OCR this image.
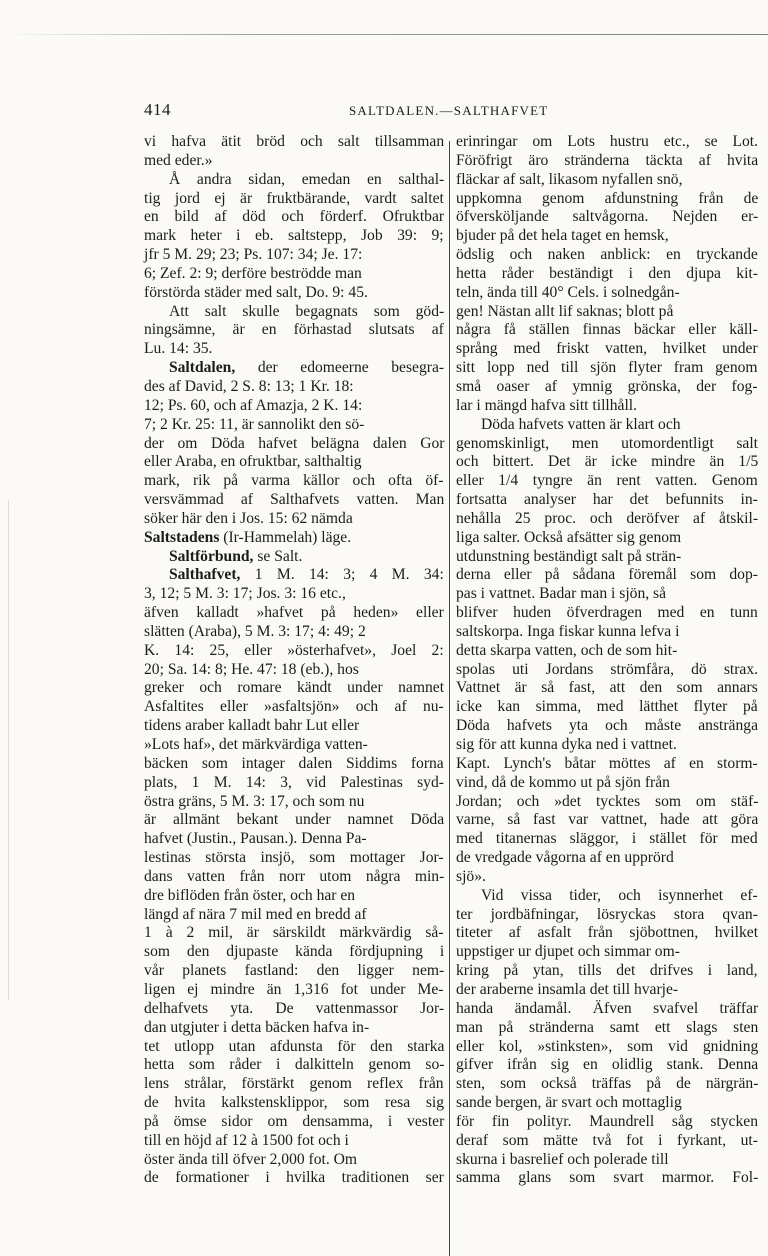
414	SALTDALEN.—SALTHAFVET
vi hafva ätit bröd och salt tillsamman
med eder.»
Å andra sidan, emedan en salthal-
tig jord ej är fruktbärande, vardt saltet
en bild af död och förderf. Ofruktbar
mark heter i eb. saltstepp, Job 39: 9;
jfr 5 M. 29; 23; Ps. 107: 34; Je. 17:
6; Zef. 2: 9; derföre beströdde man
förstörda städer med salt, Do. 9: 45.
Att salt skulle begagnats som göd-
ningsämne, är en förhastad slutsats af
Lu. 14: 35.
Saltdalen, der edomeerne besegra-
des af David, 2 S. 8: 13; 1 Kr. 18:
12; Ps. 60, och af Amazja, 2 K. 14:
7; 2 Kr. 25: 11, är sannolikt den sö-
der om Döda hafvet belägna dalen Gor
eller Araba, en ofruktbar, salthaltig
mark, rik på varma källor och ofta öf-
versvämmad af Salthafvets vatten. Man
söker här den i Jos. 15: 62 nämda
Saltstadens (Ir-Hammelah) läge.
Saltförbund, se Salt.
Salthafvet, 1 M. 14: 3; 4 M. 34:
3, 12; 5 M. 3: 17; Jos. 3: 16 etc.,
äfven kalladt »hafvet på heden» eller
slätten (Araba), 5 M. 3: 17; 4: 49; 2
K. 14: 25, eller »österhafvet», Joel 2:
20; Sa. 14: 8; He. 47: 18 (eb.), hos
greker och romare kändt under namnet
Asfaltites eller »asfaltsjön» och af nu-
tidens araber kalladt bahr Lut eller
»Lots haf», det märkvärdiga vatten-
bäcken som intager dalen Siddims forna
plats, 1 M. 14: 3, vid Palestinas syd-
östra gräns, 5 M. 3: 17, och som nu
är allmänt bekant under namnet Döda
hafvet (Justin., Pausan.). Denna Pa-
lestinas största insjö, som mottager Jor-
dans vatten från norr utom några min-
dre biflöden från öster, och har en
längd af nära 7 mil med en bredd af
1 à 2 mil, är särskildt märkvärdig så-
som den djupaste kända fördjupning i
vår planets fastland: den ligger nem-
ligen ej mindre än 1,316 fot under Me-
delhafvets yta. De vattenmassor Jor-
dan utgjuter i detta bäcken hafva in-
tet utlopp utan afdunsta för den starka
hetta som råder i dalkitteln genom so-
lens strålar, förstärkt genom reflex från
de hvita kalkstensklippor, som resa sig
på ömse sidor om densamma, i vester
till en höjd af 12 à 1500 fot och i
öster ända till öfver 2,000 fot. Om
de formationer i hvilka traditionen ser
erinringar om Lots hustru etc., se Lot.
Föröfrigt äro stränderna täckta af hvita
fläckar af salt, likasom nyfallen snö,
uppkomna genom afdunstning från de
öfversköljande saltvågorna. Nejden er-
bjuder på det hela taget en hemsk,
ödslig och naken anblick: en tryckande
hetta råder beständigt i den djupa kit-
teln, ända till 40° Cels. i solnedgån-
gen! Nästan allt lif saknas; blott på
några få ställen finnas bäckar eller käll-
språng med friskt vatten, hvilket under
sitt lopp ned till sjön flyter fram genom
små oaser af ymnig grönska, der fog-
lar i mängd hafva sitt tillhåll.
Döda hafvets vatten är klart och
genomskinligt, men utomordentligt salt
och bittert. Det är icke mindre än 1/5
eller 1/4 tyngre än rent vatten. Genom
fortsatta analyser har det befunnits in-
nehålla 25 proc. och deröfver af åtskil-
liga salter. Också afsätter sig genom
utdunstning beständigt salt på strän-
derna eller på sådana föremål som dop-
pas i vattnet. Badar man i sjön, så
blifver huden öfverdragen med en tunn
saltskorpa. Inga fiskar kunna lefva i
detta skarpa vatten, och de som hit-
spolas uti Jordans strömfåra, dö strax.
Vattnet är så fast, att den som annars
icke kan simma, med lätthet flyter på
Döda hafvets yta och måste anstränga
sig för att kunna dyka ned i vattnet.
Kapt. Lynch's båtar möttes af en storm-
vind, då de kommo ut på sjön från
Jordan; och »det tycktes som om stäf-
varne, så fast var vattnet, hade att göra
med titanernas släggor, i stället för med
de vredgade vågorna af en upprörd
sjö».
Vid vissa tider, och isynnerhet ef-
ter jordbäfningar, lösryckas stora qvan-
titeter af asfalt från sjöbottnen, hvilket
uppstiger ur djupet och simmar om-
kring på ytan, tills det drifves i land,
der araberne insamla det till hvarje-
handa ändamål. Äfven svafvel träffar
man på stränderna samt ett slags sten
eller kol, »stinksten», som vid gnidning
gifver ifrån sig en olidlig stank. Denna
sten, som också träffas på de närgrän-
sande bergen, är svart och mottaglig
för fin polityr. Maundrell såg stycken
deraf som mätte två fot i fyrkant, ut-
skurna i basrelief och polerade till
samma glans som svart marmor. Fol-
